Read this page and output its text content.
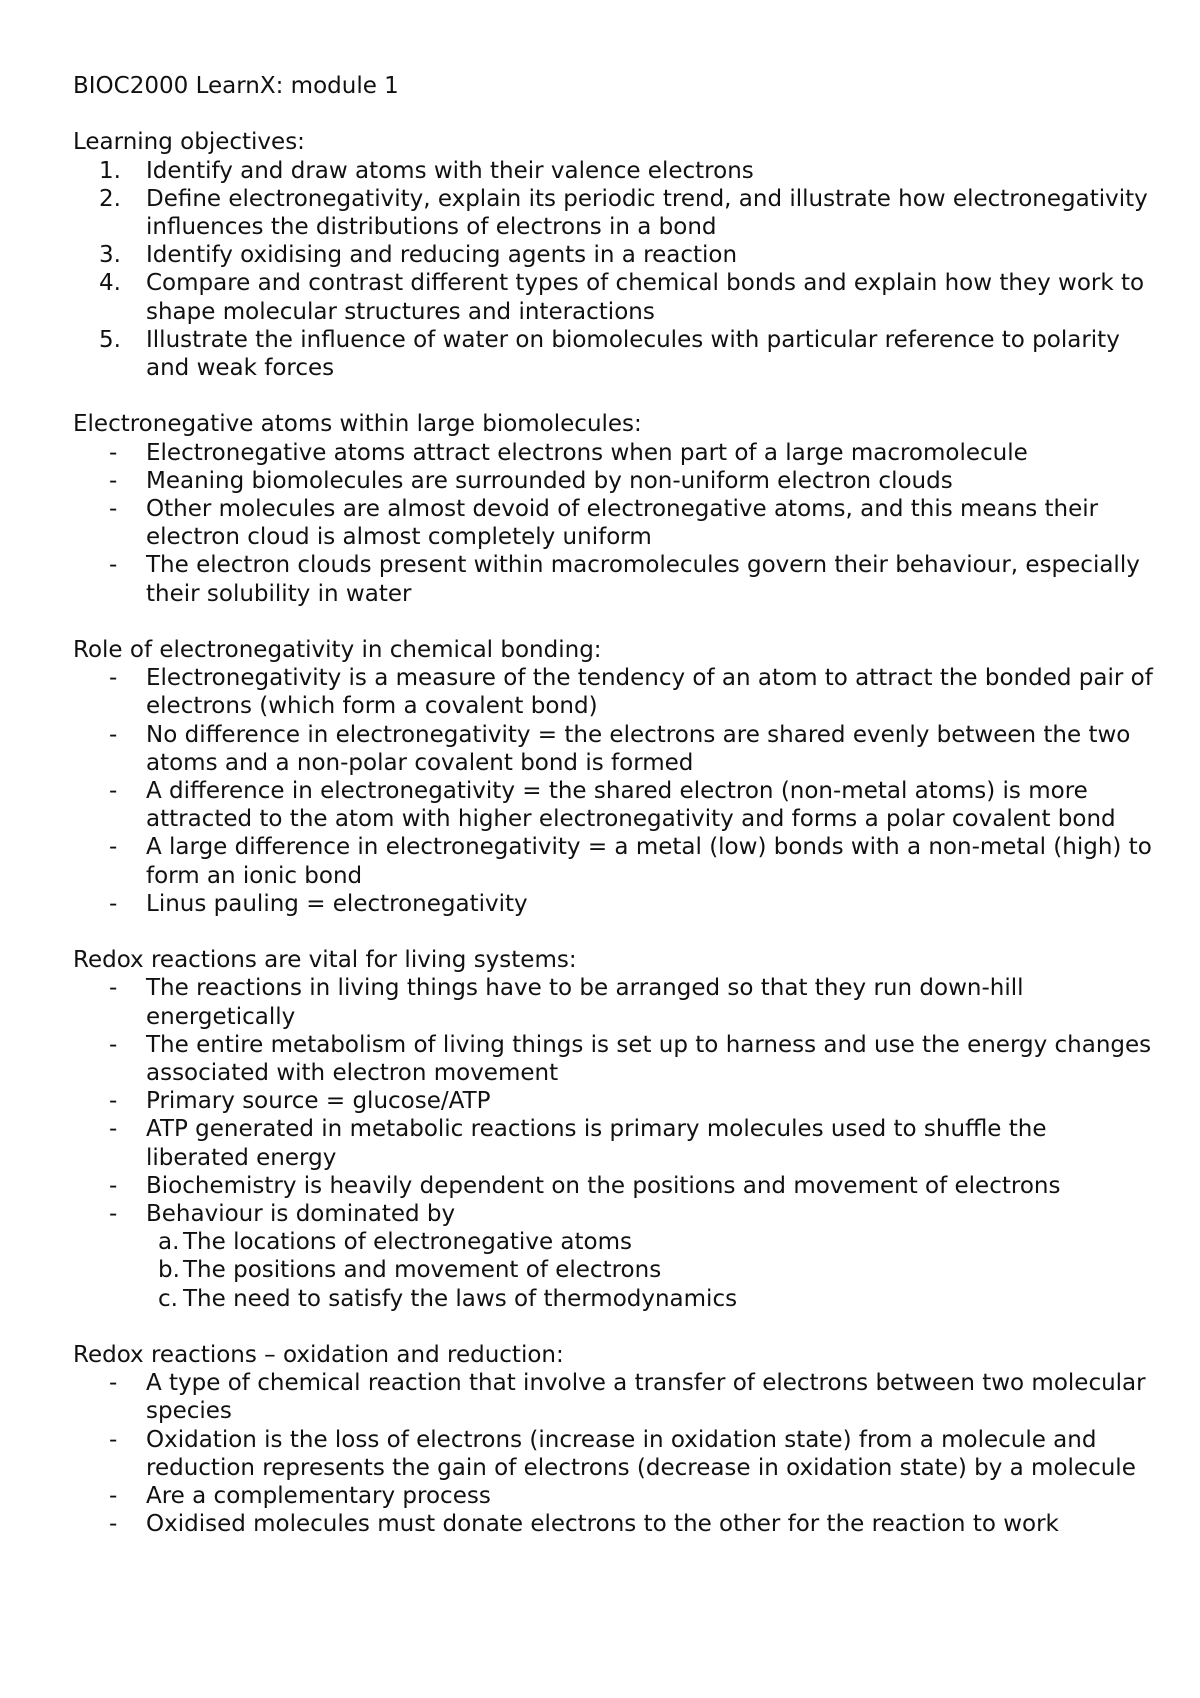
BIOC2000 LearnX: module 1

Learning objectives:

1. Identify and draw atoms with their valence electrons
2. Define electronegativity, explain its periodic trend, and illustrate how electronegativity influences the distributions of electrons in a bond
3. Identify oxidising and reducing agents in a reaction
4. Compare and contrast different types of chemical bonds and explain how they work to shape molecular structures and interactions
5. Illustrate the influence of water on biomolecules with particular reference to polarity and weak forces

Electronegative atoms within large biomolecules:

- Electronegative atoms attract electrons when part of a large macromolecule
- Meaning biomolecules are surrounded by non-uniform electron clouds
- Other molecules are almost devoid of electronegative atoms, and this means their electron cloud is almost completely uniform
- The electron clouds present within macromolecules govern their behaviour, especially their solubility in water

Role of electronegativity in chemical bonding:

- Electronegativity is a measure of the tendency of an atom to attract the bonded pair of electrons (which form a covalent bond)
- No difference in electronegativity = the electrons are shared evenly between the two atoms and a non-polar covalent bond is formed
- A difference in electronegativity = the shared electron (non-metal atoms) is more attracted to the atom with higher electronegativity and forms a polar covalent bond
- A large difference in electronegativity = a metal (low) bonds with a non-metal (high) to form an ionic bond
- Linus pauling = electronegativity

Redox reactions are vital for living systems:

- The reactions in living things have to be arranged so that they run down-hill energetically
- The entire metabolism of living things is set up to harness and use the energy changes associated with electron movement
- Primary source = glucose/ATP
- ATP generated in metabolic reactions is primary molecules used to shuffle the liberated energy
- Biochemistry is heavily dependent on the positions and movement of electrons
- Behaviour is dominated by
a. The locations of electronegative atoms
b. The positions and movement of electrons
c. The need to satisfy the laws of thermodynamics

Redox reactions – oxidation and reduction:

- A type of chemical reaction that involve a transfer of electrons between two molecular species
- Oxidation is the loss of electrons (increase in oxidation state) from a molecule and reduction represents the gain of electrons (decrease in oxidation state) by a molecule
- Are a complementary process
- Oxidised molecules must donate electrons to the other for the reaction to work
